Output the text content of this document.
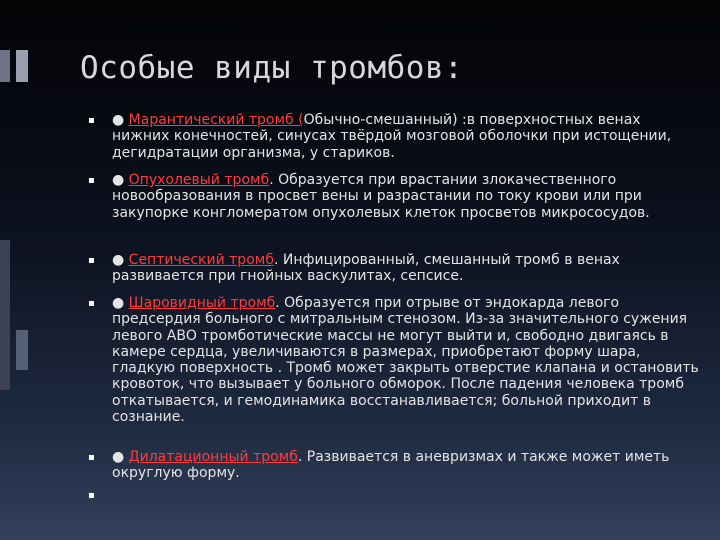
Особые виды тромбов:
▪ ● Марантический тромб (Обычно-смешанный) :в поверхностных венах нижних конечностей, синусах твёрдой мозговой оболочки при истощении, дегидратации организма, у стариков.
▪ ● Опухолевый тромб. Образуется при врастании злокачественного новообразования в просвет вены и разрастании по току крови или при закупорке конгломератом опухолевых клеток просветов микрососудов.
▪ ● Септический тромб. Инфицированный, смешанный тромб в венах развивается при гнойных васкулитах, сепсисе.
▪ ● Шаровидный тромб. Образуется при отрыве от эндокарда левого предсердия больного с митральным стенозом. Из-за значительного сужения левого АВО тромботические массы не могут выйти и, свободно двигаясь в камере сердца, увеличиваются в размерах, приобретают форму шара, гладкую поверхность . Тромб может закрыть отверстие клапана и остановить кровоток, что вызывает у больного обморок. После падения человека тромб откатывается, и гемодинамика восстанавливается; больной приходит в сознание.
▪ ● Дилатационный тромб. Развивается в аневризмах и также может иметь округлую форму.
▪
